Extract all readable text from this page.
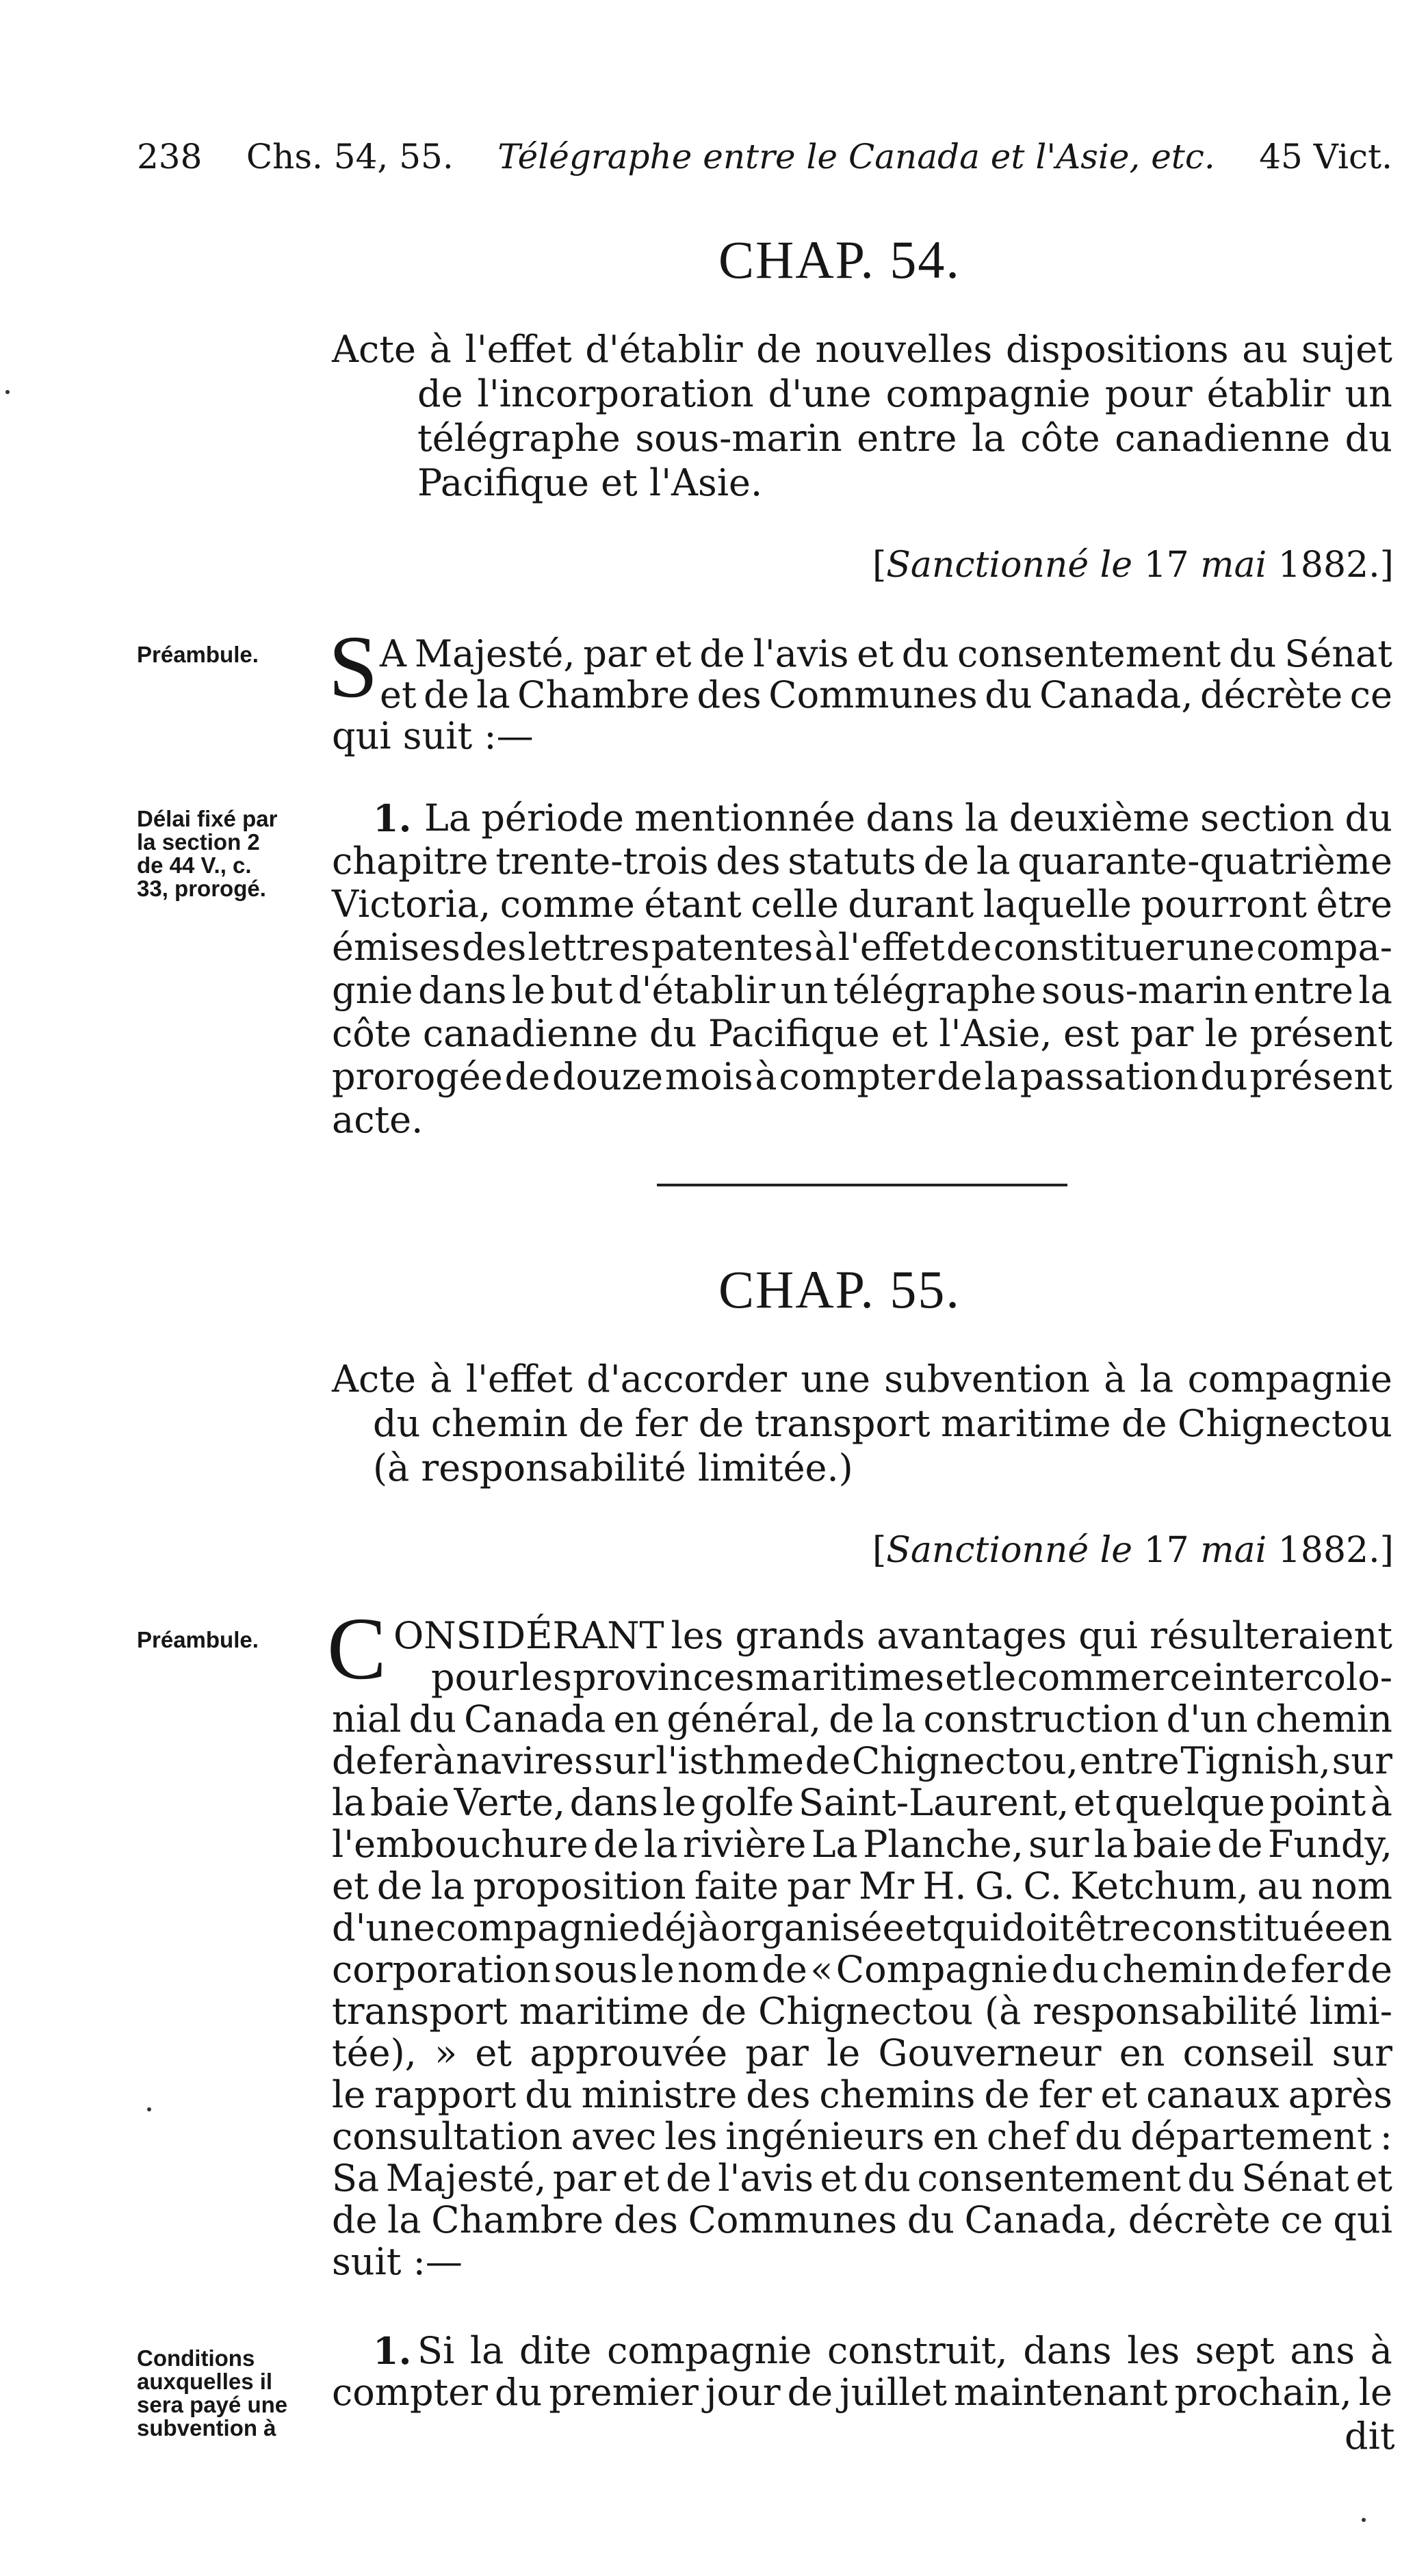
238 Chs. 54, 55. Télégraphe entre le Canada et l'Asie, etc. 45 Vict.
CHAP. 54.
Acte à l'effet d'établir de nouvelles dispositions au sujet
de l'incorporation d'une compagnie pour établir un
télégraphe sous-marin entre la côte canadienne du
Pacifique et l'Asie.
[Sanctionné le 17 mai 1882.]
Préambule. S A Majesté, par et de l'avis et du consentement du Sénat
et de la Chambre des Communes du Canada, décrète ce
qui suit :—
Délai fixé par
la section 2
de 44 V., c.
33, prorogé.
1. La période mentionnée dans la deuxième section du
chapitre trente-trois des statuts de la quarante-quatrième
Victoria, comme étant celle durant laquelle pourront être
émises des lettres patentes à l'effet de constituer une compa-
gnie dans le but d'établir un télégraphe sous-marin entre la
côte canadienne du Pacifique et l'Asie, est par le présent
prorogée de douze mois à compter de la passation du présent
acte.
CHAP. 55.
Acte à l'effet d'accorder une subvention à la compagnie
du chemin de fer de transport maritime de Chignectou
(à responsabilité limitée.)
[Sanctionné le 17 mai 1882.]
Préambule. C ONSIDÉRANT les grands avantages qui résulteraient
pour les provinces maritimes et le commerce intercolo-
nial du Canada en général, de la construction d'un chemin
de fer à navires sur l'isthme de Chignectou, entre Tignish, sur
la baie Verte, dans le golfe Saint-Laurent, et quelque point à
l'embouchure de la rivière La Planche, sur la baie de Fundy,
et de la proposition faite par Mr H. G. C. Ketchum, au nom
d'une compagnie déjà organisée et qui doit être constituée en
corporation sous le nom de « Compagnie du chemin de fer de
transport maritime de Chignectou (à responsabilité limi-
tée), » et approuvée par le Gouverneur en conseil sur
le rapport du ministre des chemins de fer et canaux après
consultation avec les ingénieurs en chef du département :
Sa Majesté, par et de l'avis et du consentement du Sénat et
de la Chambre des Communes du Canada, décrète ce qui
suit :—
Conditions
auxquelles il
sera payé une
subvention à
1. Si la dite compagnie construit, dans les sept ans à
compter du premier jour de juillet maintenant prochain, le
dit
